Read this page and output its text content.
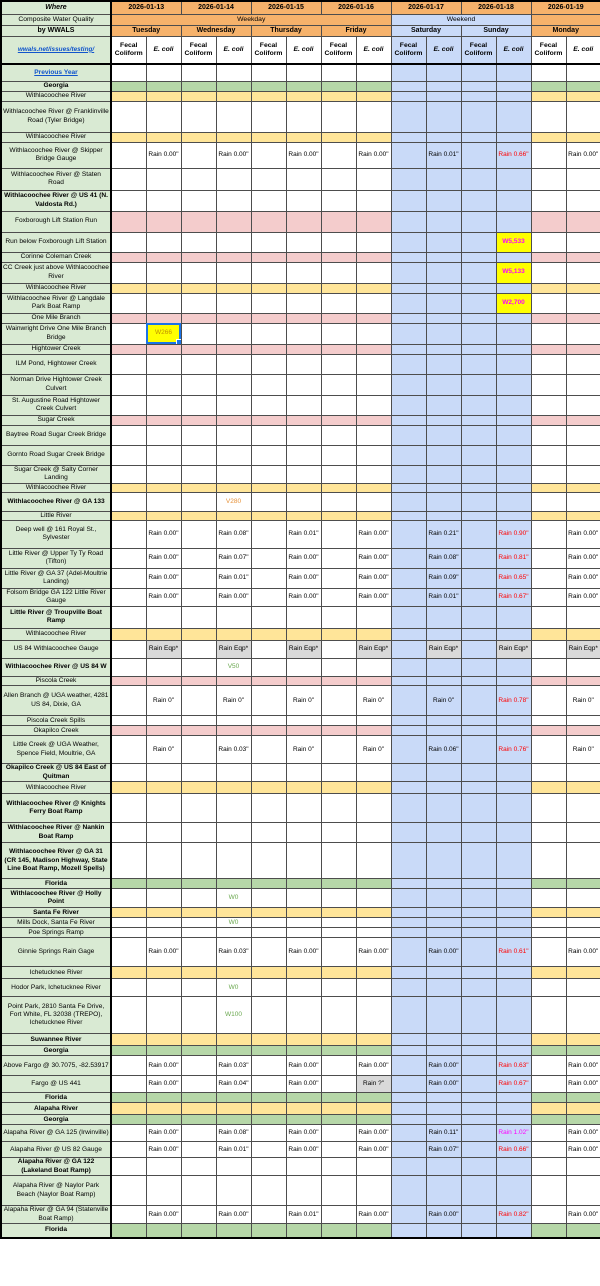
Where	2026-01-13		2026-01-14		2026-01-15		2026-01-16		2026-01-17		2026-01-18		2026-01-19	
Composite Water Quality	Weekday								Weekend					
by WWALS	Tuesday		Wednesday		Thursday		Friday		Saturday		Sunday		Monday	
wwals.net/issues/testing/	Fecal Coliform	E. coli	Fecal Coliform	E. coli	Fecal Coliform	E. coli	Fecal Coliform	E. coli	Fecal Coliform	E. coli	Fecal Coliform	E. coli	Fecal Coliform	E. coli
Previous Year														
Georgia														
Withlacoochee River														
Withlacoochee River @ Franklinville Road (Tyler Bridge)														
Withlacoochee River														
Withlacoochee River @ Skipper Bridge Gauge		Rain 0.00"		Rain 0.00"		Rain 0.00"		Rain 0.00"		Rain 0.01"		Rain 0.66"		Rain 0.00"
Withlacoochee River @ Staten Road														
Withlacoochee River @ US 41 (N. Valdosta Rd.)														
Foxborough Lift Station Run														
Run below Foxborough Lift Station												W5,533		
Corinne Coleman Creek														
CC Creek just above Withlacoochee River												W5,133		
Withlacoochee River														
Withlacoochee River @ Langdale Park Boat Ramp												W2,700		
One Mile Branch														
Wainwright Drive One Mile Branch Bridge		W266

Hightower Creek														
ILM Pond, Hightower Creek														
Norman Drive Hightower Creek Culvert														
St. Augustine Road Hightower Creek Culvert														
Sugar Creek														
Baytree Road Sugar Creek Bridge														
Gornto Road Sugar Creek Bridge														
Sugar Creek @ Salty Corner Landing														
Withlacoochee River														
Withlacoochee River @ GA 133				V280										
Little River														
Deep well @ 161 Royal St., Sylvester		Rain 0.00"		Rain 0.08"		Rain 0.01"		Rain 0.00"		Rain 0.21"		Rain 0.90"		Rain 0.00"
Little River @ Upper Ty Ty Road (Tifton)		Rain 0.00"		Rain 0.07"		Rain 0.00"		Rain 0.00"		Rain 0.08"		Rain 0.81"		Rain 0.00"
Little River @ GA 37 (Adel-Moultrie Landing)		Rain 0.00"		Rain 0.01"		Rain 0.00"		Rain 0.00"		Rain 0.09"		Rain 0.65"		Rain 0.00"
Folsom Bridge GA 122 Little River Gauge		Rain 0.00"		Rain 0.00"		Rain 0.00"		Rain 0.00"		Rain 0.01"		Rain 0.67"		Rain 0.00"
Little River @ Troupville Boat Ramp														
Withlacoochee River														
US 84 Withlacoochee Gauge		Rain Eqp*		Rain Eqp*		Rain Eqp*		Rain Eqp*		Rain Eqp*		Rain Eqp*		Rain Eqp*
Withlacoochee River @ US 84 W				V50										
Piscola Creek														
Allen Branch @ UGA weather, 4281 US 84, Dixie, GA		Rain 0"		Rain 0"		Rain 0"		Rain 0"		Rain 0"		Rain 0.78"		Rain 0"
Piscola Creek Spills														
Okapilco Creek														
Little Creek @ UGA Weather, Spence Field, Moultrie, GA		Rain 0"		Rain 0.03"		Rain 0"		Rain 0"		Rain 0.06"		Rain 0.76"		Rain 0"
Okapilco Creek @ US 84 East of Quitman														
Withlacoochee River														
Withlacoochee River @ Knights Ferry Boat Ramp														
Withlacoochee River @ Nankin Boat Ramp														
Withlacoochee River @ GA 31 (CR 145, Madison Highway, State Line Boat Ramp, Mozell Spells)														
Florida														
Withlacoochee River @ Holly Point				W0										
Santa Fe River														
Mills Dock, Santa Fe River				W0										
Poe Springs Ramp														
Ginnie Springs Rain Gage		Rain 0.00"		Rain 0.03"		Rain 0.00"		Rain 0.00"		Rain 0.00"		Rain 0.61"		Rain 0.00"
Ichetucknee River														
Hodor Park, Ichetucknee River				W0										
Point Park, 2810 Santa Fe Drive, Fort White, FL 32038 (TREPO), Ichetucknee River				W100										
Suwannee River														
Georgia														
Above Fargo @ 30.7075, -82.53917		Rain 0.00"		Rain 0.03"		Rain 0.00"		Rain 0.00"		Rain 0.00"		Rain 0.63"		Rain 0.00"
Fargo @ US 441		Rain 0.00"		Rain 0.04"		Rain 0.00"		Rain ?"		Rain 0.00"		Rain 0.67"		Rain 0.00"
Florida														
Alapaha River														
Georgia														
Alapaha River @ GA 125 (Irwinville)		Rain 0.00"		Rain 0.08"		Rain 0.00"		Rain 0.00"		Rain 0.11"		Rain 1.02"		Rain 0.00"
Alapaha River @ US 82 Gauge		Rain 0.00"		Rain 0.01"		Rain 0.00"		Rain 0.00"		Rain 0.07"		Rain 0.66"		Rain 0.00"
Alapaha River @ GA 122 (Lakeland Boat Ramp)														
Alapaha River @ Naylor Park Beach (Naylor Boat Ramp)														
Alapaha River @ GA 94 (Statenville Boat Ramp)		Rain 0.00"		Rain 0.00"		Rain 0.01"		Rain 0.00"		Rain 0.00"		Rain 0.82"		Rain 0.00"
Florida														
